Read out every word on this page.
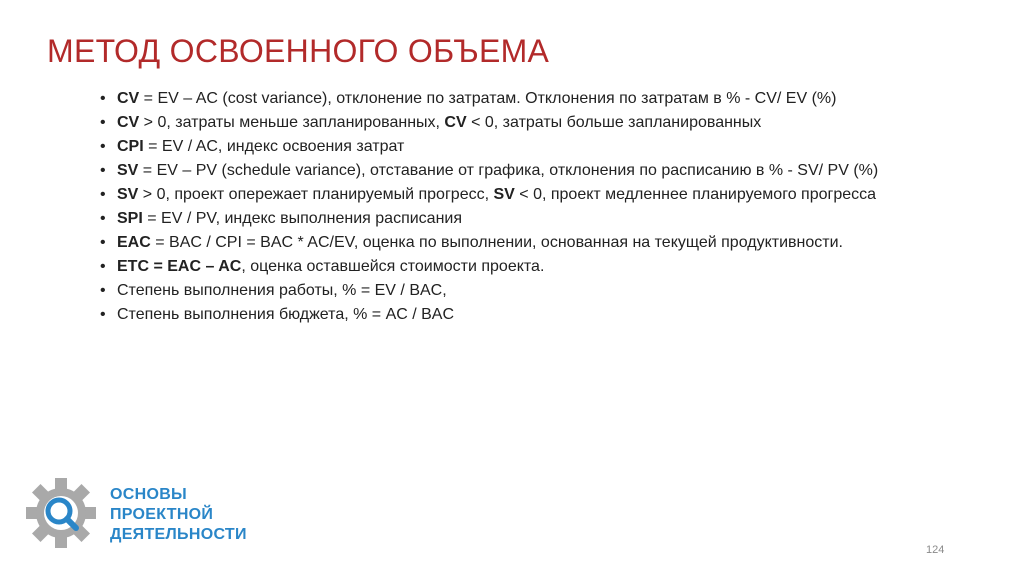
МЕТОД ОСВОЕННОГО ОБЪЕМА
• CV = EV – AC (cost variance), отклонение по затратам. Отклонения по затратам в % - CV/ EV (%)
• CV > 0, затраты меньше запланированных, CV < 0, затраты больше запланированных
• CPI = EV / AC, индекс освоения затрат
• SV = EV – PV (schedule variance), отставание от графика, отклонения по расписанию в % - SV/ PV (%)
• SV > 0, проект опережает планируемый прогресс, SV < 0, проект медленнее планируемого прогресса
• SPI = EV / PV, индекс выполнения расписания
• EAC = BAC / CPI = BAC * AC/EV, оценка по выполнении, основанная на текущей продуктивности.
• ETC = EAC – AC, оценка оставшейся стоимости проекта.
• Степень выполнения работы, % = EV / BAC,
• Степень выполнения бюджета, % = AC / BAC
ОСНОВЫ
ПРОЕКТНОЙ
ДЕЯТЕЛЬНОСТИ
124
